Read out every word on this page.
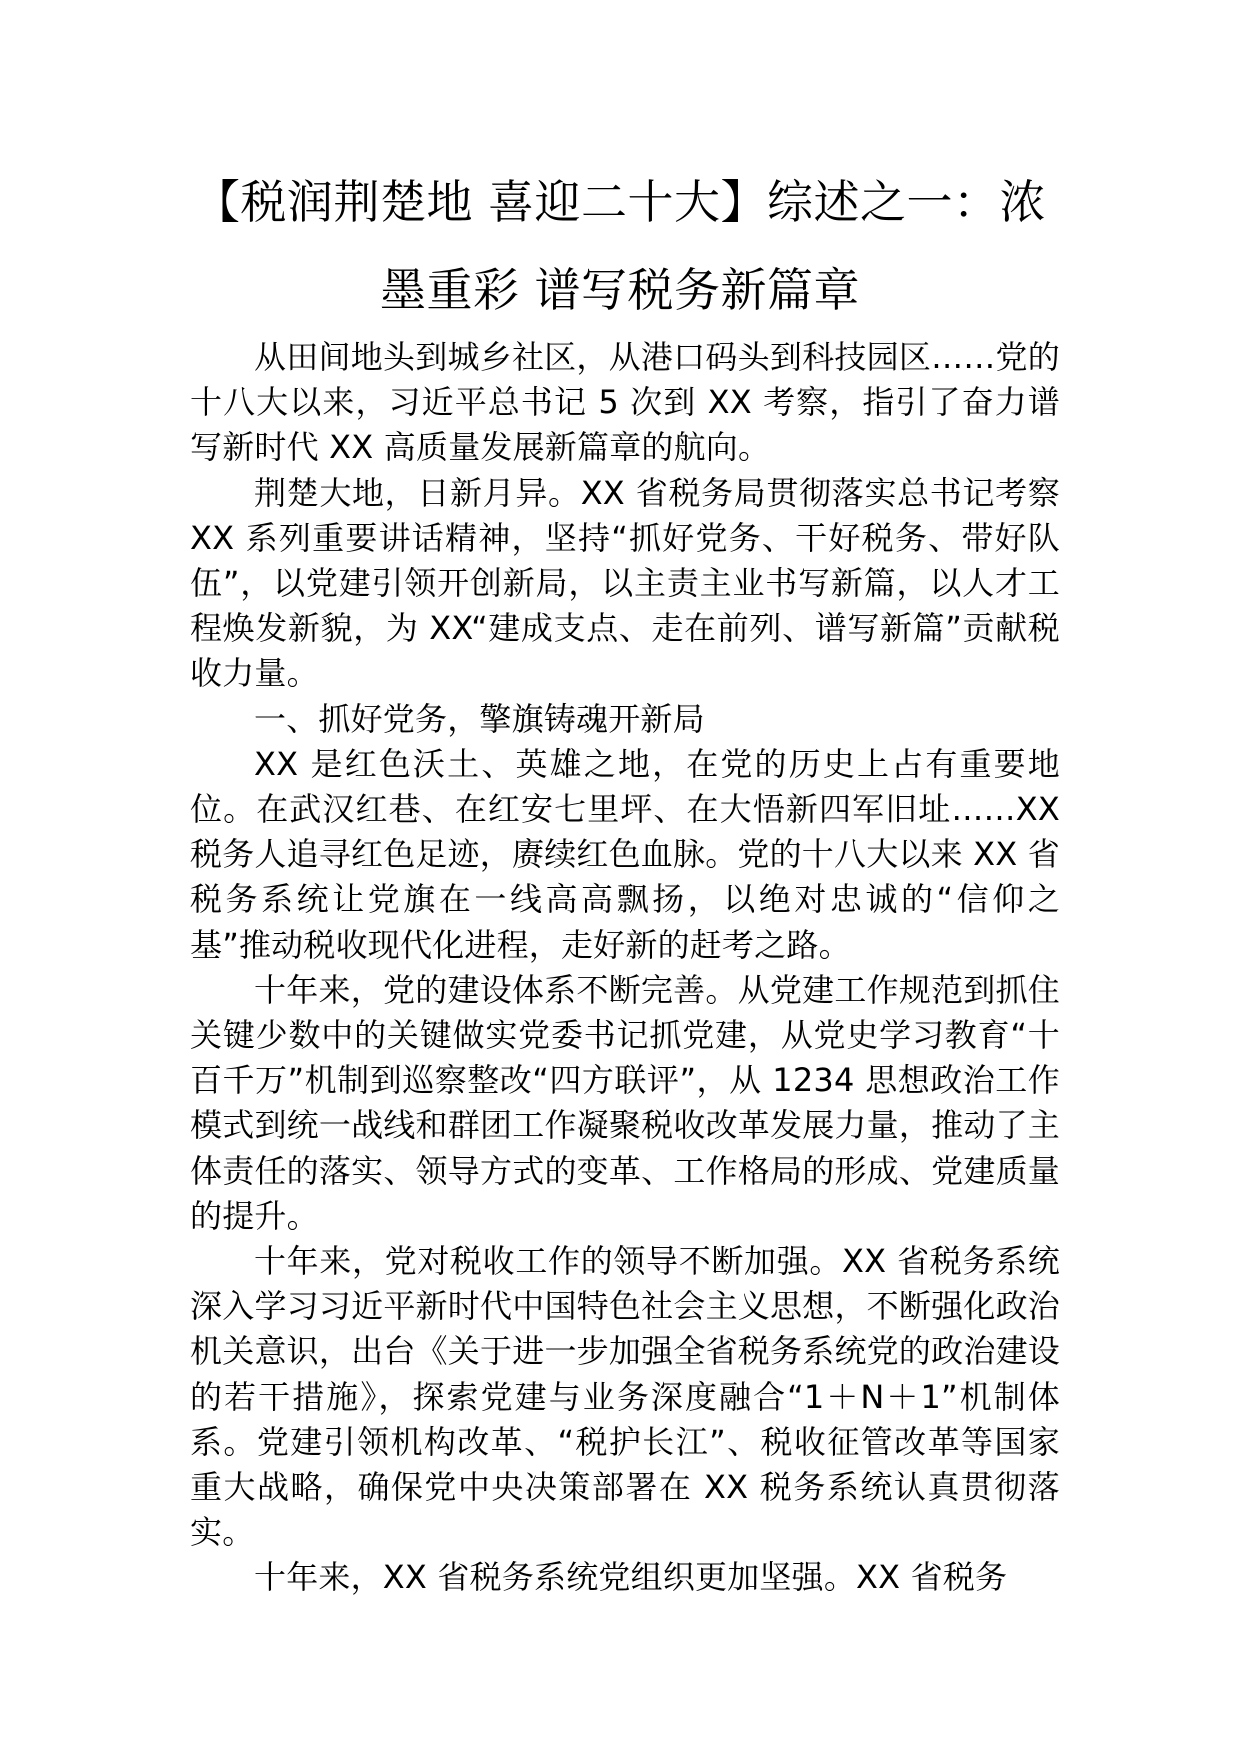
【税润荆楚地 喜迎二十大】综述之一：浓
墨重彩 谱写税务新篇章

从田间地头到城乡社区，从港口码头到科技园区……党的十八大以来，习近平总书记 5 次到 XX 考察，指引了奋力谱写新时代 XX 高质量发展新篇章的航向。

荆楚大地，日新月异。XX 省税务局贯彻落实总书记考察 XX 系列重要讲话精神，坚持“抓好党务、干好税务、带好队伍”，以党建引领开创新局，以主责主业书写新篇，以人才工程焕发新貌，为 XX“建成支点、走在前列、谱写新篇”贡献税收力量。

一、抓好党务，擎旗铸魂开新局

XX 是红色沃土、英雄之地，在党的历史上占有重要地位。在武汉红巷、在红安七里坪、在大悟新四军旧址……XX 税务人追寻红色足迹，赓续红色血脉。党的十八大以来 XX 省税务系统让党旗在一线高高飘扬，以绝对忠诚的“信仰之基”推动税收现代化进程，走好新的赶考之路。

十年来，党的建设体系不断完善。从党建工作规范到抓住关键少数中的关键做实党委书记抓党建，从党史学习教育“十百千万”机制到巡察整改“四方联评”，从 1234 思想政治工作模式到统一战线和群团工作凝聚税收改革发展力量，推动了主体责任的落实、领导方式的变革、工作格局的形成、党建质量的提升。

十年来，党对税收工作的领导不断加强。XX 省税务系统深入学习习近平新时代中国特色社会主义思想，不断强化政治机关意识，出台《关于进一步加强全省税务系统党的政治建设的若干措施》，探索党建与业务深度融合“1＋N＋1”机制体系。党建引领机构改革、“税护长江”、税收征管改革等国家重大战略，确保党中央决策部署在 XX 税务系统认真贯彻落实。

十年来，XX 省税务系统党组织更加坚强。XX 省税务
